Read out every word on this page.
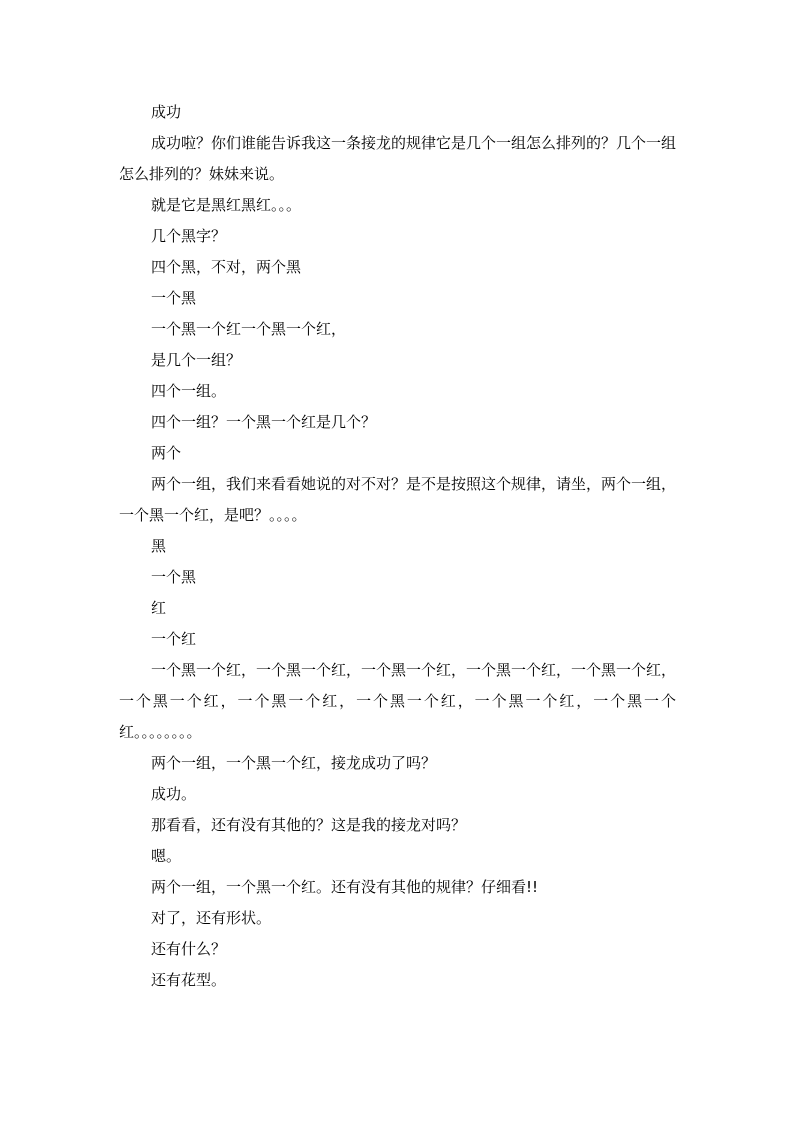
成功

成功啦？你们谁能告诉我这一条接龙的规律它是几个一组怎么排列的？几个一组怎么排列的？妹妹来说。

就是它是黑红黑红。。。

几个黑字？

四个黑，不对，两个黑

一个黑

一个黑一个红一个黑一个红，

是几个一组？

四个一组。

四个一组？一个黑一个红是几个？

两个

两个一组，我们来看看她说的对不对？是不是按照这个规律，请坐，两个一组，一个黑一个红，是吧？。。。。

黑

一个黑

红

一个红

一个黑一个红，一个黑一个红，一个黑一个红，一个黑一个红，一个黑一个红，一个黑一个红，一个黑一个红，一个黑一个红，一个黑一个红，一个黑一个红。。。。。。。。

两个一组，一个黑一个红，接龙成功了吗？

成功。

那看看，还有没有其他的？这是我的接龙对吗？

嗯。

两个一组，一个黑一个红。还有没有其他的规律？仔细看!!

对了，还有形状。

还有什么？

还有花型。
